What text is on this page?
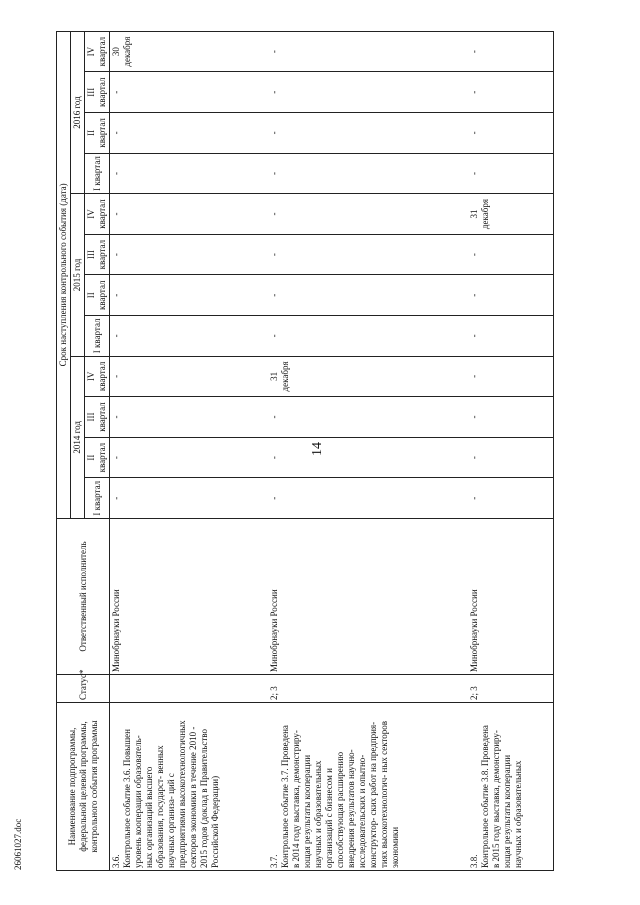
14
26061027.doc	Наименование подпрограммы, федеральной целевой программы, контрольного события программы	Статус*	Ответственный исполнитель	Срок наступления контрольного события (дата)											
			2014 год				2015 год				2016 год			
			I квартал	II квартал	III квартал	IV квартал	I квартал	II квартал	III квартал	IV квартал	I квартал	II квартал	III квартал	IV квартал
3.6.Контрольное событие 3.6. Повышен уровень кооперации образователь- ных организаций высшего образования, государст- венных научных организа- ций с предприятиями высокотехнологичных секторов экономики в течение 2010 - 2015 годов (доклад в Правительство Российской Федерации)		Минобрнауки России	-	-	-	-	-	-	-	-	-	-	-	30 декабря
3.7.Контрольное событие 3.7. Проведена в 2014 году выставка, демонстриру- ющая результаты кооперации научных и образовательных организаций с бизнесом и способствующая расширению внедрения результатов научно- исследовательских и опытно-конструктор- ских работ на предприя- тиях высокотехнологич- ных секторов экономики	2; 3	Минобрнауки России	-	-	-	31 декабря	-	-	-	-	-	-	-	-
3.8.Контрольное событие 3.8. Проведена в 2015 году выставка, демонстриру- ющая результаты кооперации научных и образовательных	2; 3	Минобрнауки России	-	-	-	-	-	-	-	31 декабря	-	-	-	-
